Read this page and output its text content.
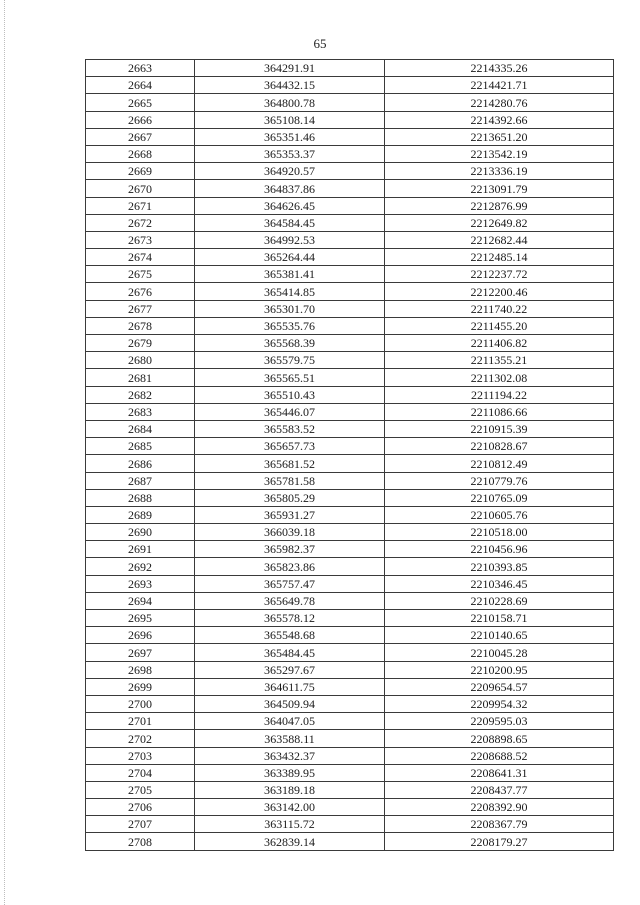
65
2663	364291.91	2214335.26
2664	364432.15	2214421.71
2665	364800.78	2214280.76
2666	365108.14	2214392.66
2667	365351.46	2213651.20
2668	365353.37	2213542.19
2669	364920.57	2213336.19
2670	364837.86	2213091.79
2671	364626.45	2212876.99
2672	364584.45	2212649.82
2673	364992.53	2212682.44
2674	365264.44	2212485.14
2675	365381.41	2212237.72
2676	365414.85	2212200.46
2677	365301.70	2211740.22
2678	365535.76	2211455.20
2679	365568.39	2211406.82
2680	365579.75	2211355.21
2681	365565.51	2211302.08
2682	365510.43	2211194.22
2683	365446.07	2211086.66
2684	365583.52	2210915.39
2685	365657.73	2210828.67
2686	365681.52	2210812.49
2687	365781.58	2210779.76
2688	365805.29	2210765.09
2689	365931.27	2210605.76
2690	366039.18	2210518.00
2691	365982.37	2210456.96
2692	365823.86	2210393.85
2693	365757.47	2210346.45
2694	365649.78	2210228.69
2695	365578.12	2210158.71
2696	365548.68	2210140.65
2697	365484.45	2210045.28
2698	365297.67	2210200.95
2699	364611.75	2209654.57
2700	364509.94	2209954.32
2701	364047.05	2209595.03
2702	363588.11	2208898.65
2703	363432.37	2208688.52
2704	363389.95	2208641.31
2705	363189.18	2208437.77
2706	363142.00	2208392.90
2707	363115.72	2208367.79
2708	362839.14	2208179.27
